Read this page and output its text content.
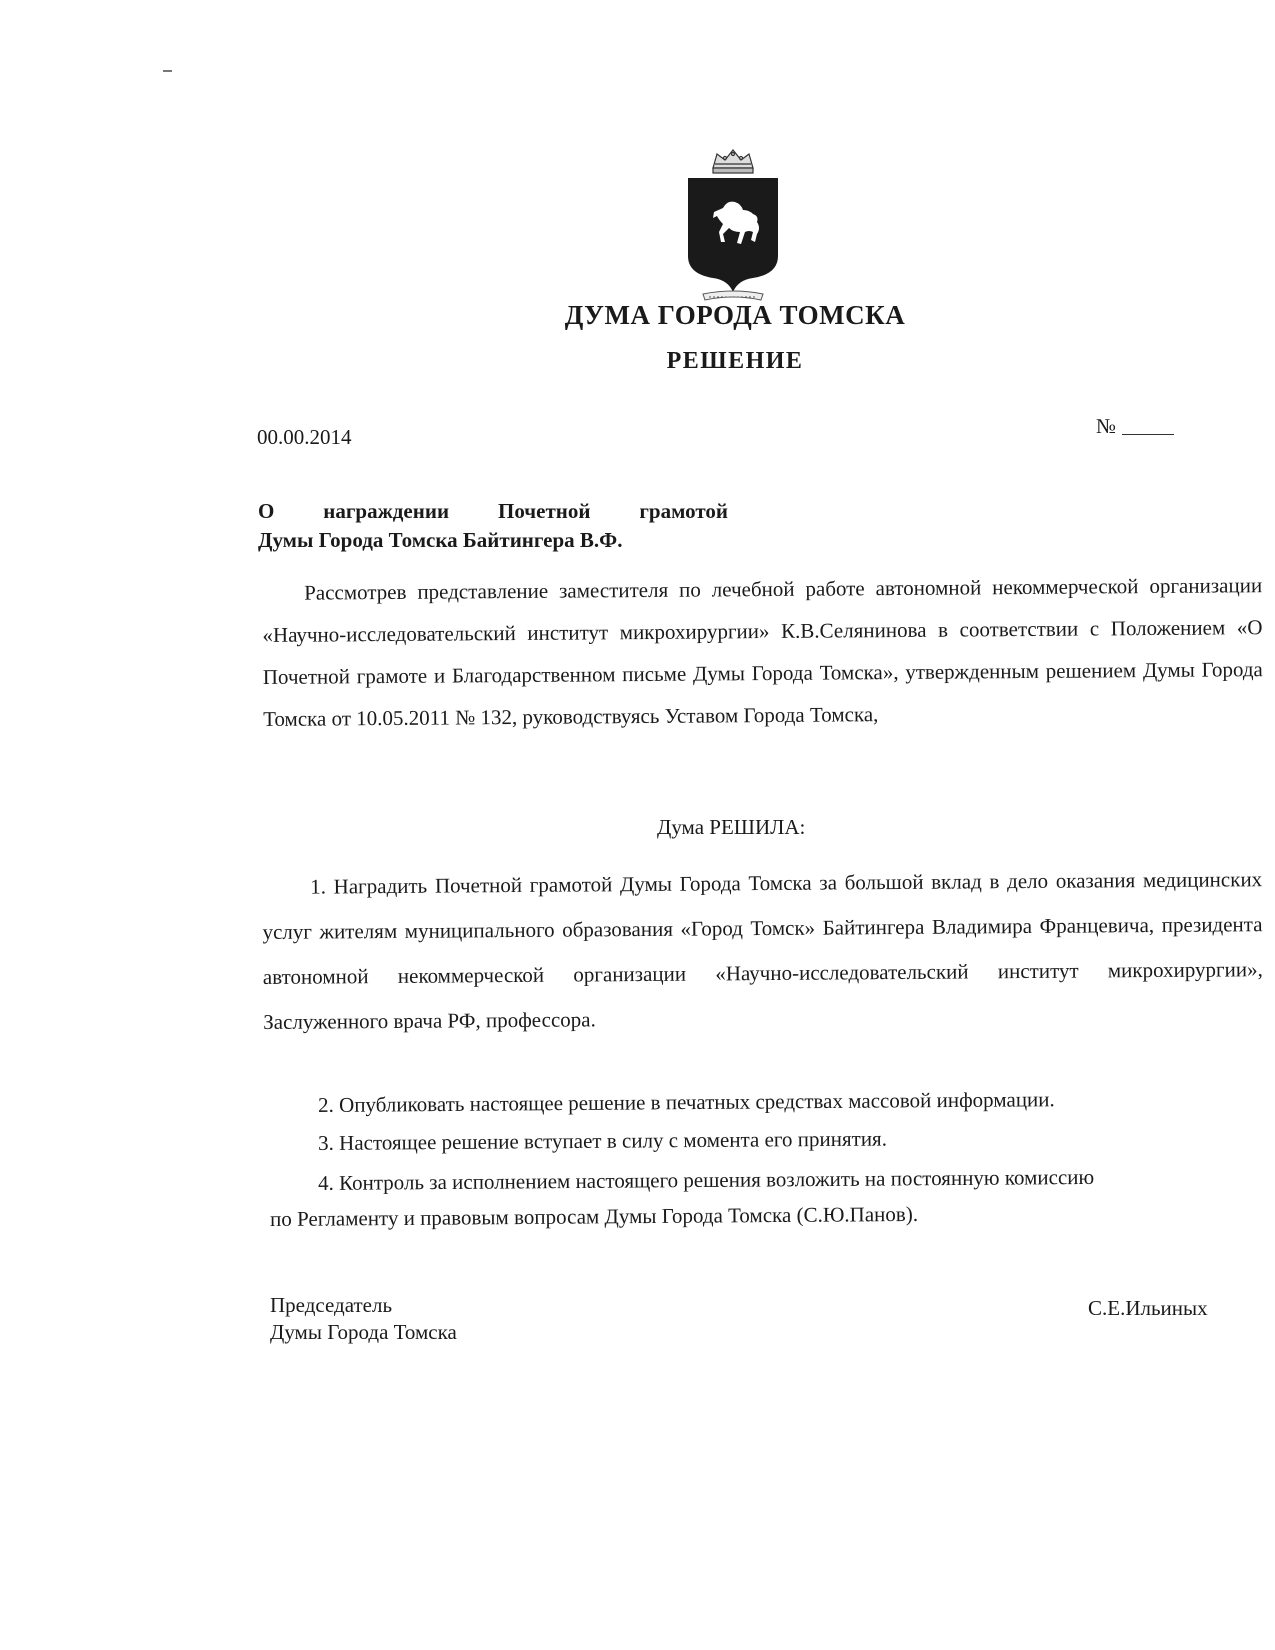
ДУМА ГОРОДА ТОМСКА
РЕШЕНИЕ
00.00.2014	№
О награждении Почетной грамотой
Думы Города Томска Байтингера В.Ф.
Рассмотрев представление заместителя по лечебной работе автономной некоммерческой организации «Научно-исследовательский институт микрохирургии» К.В.Селянинова в соответствии с Положением «О Почетной грамоте и Благодарственном письме Думы Города Томска», утвержденным решением Думы Города Томска от 10.05.2011 № 132, руководствуясь Уставом Города Томска,
Дума РЕШИЛА:
1. Наградить Почетной грамотой Думы Города Томска за большой вклад в дело оказания медицинских услуг жителям муниципального образования «Город Томск» Байтингера Владимира Францевича, президента автономной некоммерческой организации «Научно-исследовательский институт микрохирургии», Заслуженного врача РФ, профессора.
2. Опубликовать настоящее решение в печатных средствах массовой информации.
3. Настоящее решение вступает в силу с момента его принятия.
4. Контроль за исполнением настоящего решения возложить на постоянную комиссию
по Регламенту и правовым вопросам Думы Города Томска (С.Ю.Панов).
Председатель
Думы Города Томска
С.Е.Ильиных
